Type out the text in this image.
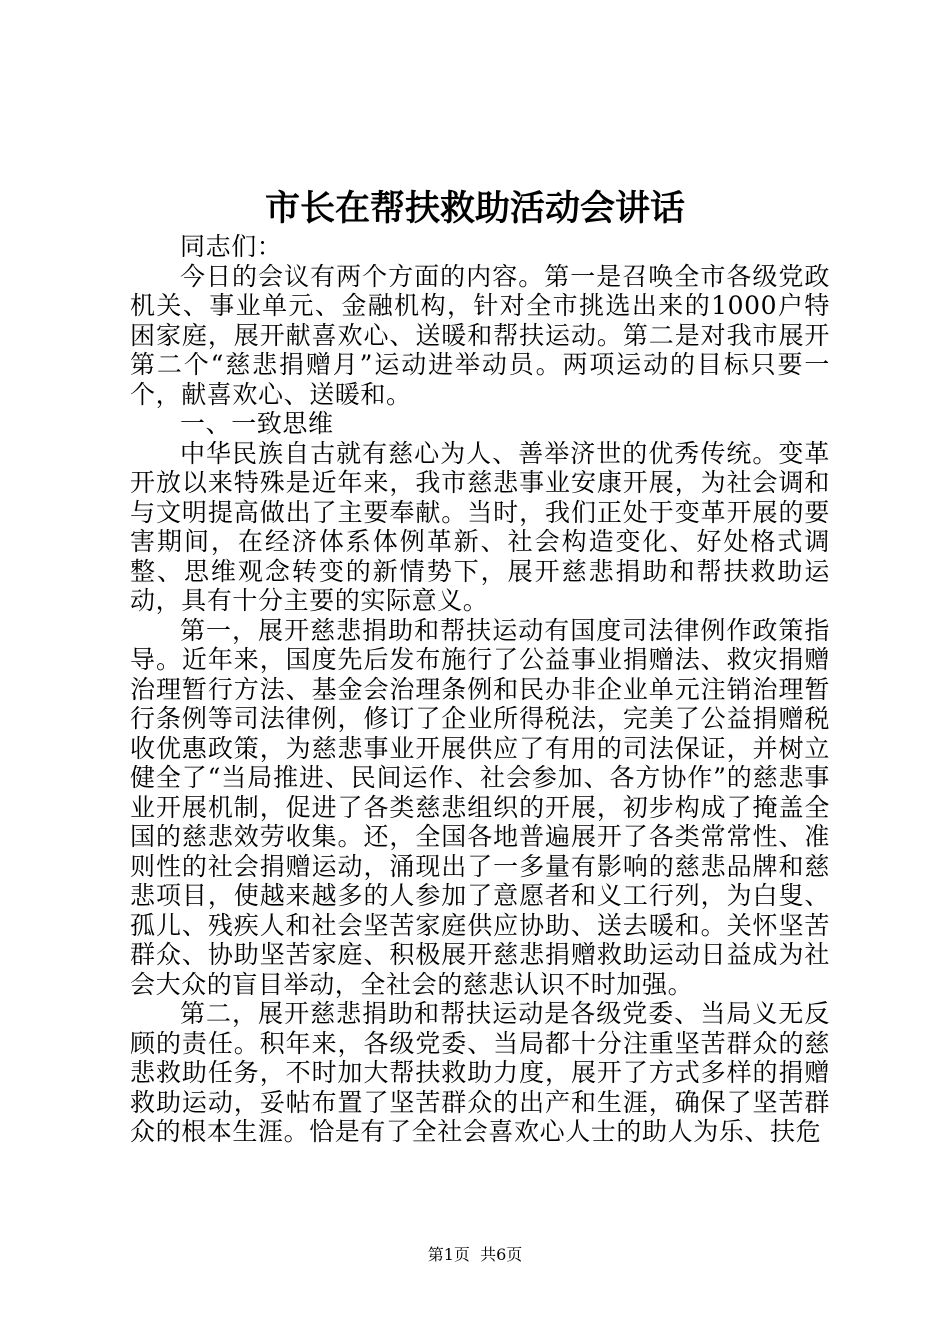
市长在帮扶救助活动会讲话

同志们：

今日的会议有两个方面的内容。第一是召唤全市各级党政机关、事业单元、金融机构，针对全市挑选出来的1000户特困家庭，展开献喜欢心、送暖和帮扶运动。第二是对我市展开第二个“慈悲捐赠月”运动进举动员。两项运动的目标只要一个，献喜欢心、送暖和。

一、一致思维

中华民族自古就有慈心为人、善举济世的优秀传统。变革开放以来特殊是近年来，我市慈悲事业安康开展，为社会调和与文明提高做出了主要奉献。当时，我们正处于变革开展的要害期间，在经济体系体例革新、社会构造变化、好处格式调整、思维观念转变的新情势下，展开慈悲捐助和帮扶救助运动，具有十分主要的实际意义。

第一，展开慈悲捐助和帮扶运动有国度司法律例作政策指导。近年来，国度先后发布施行了公益事业捐赠法、救灾捐赠治理暂行方法、基金会治理条例和民办非企业单元注销治理暂行条例等司法律例，修订了企业所得税法，完美了公益捐赠税收优惠政策，为慈悲事业开展供应了有用的司法保证，并树立健全了“当局推进、民间运作、社会参加、各方协作”的慈悲事业开展机制，促进了各类慈悲组织的开展，初步构成了掩盖全国的慈悲效劳收集。还，全国各地普遍展开了各类常常性、准则性的社会捐赠运动，涌现出了一多量有影响的慈悲品牌和慈悲项目，使越来越多的人参加了意愿者和义工行列，为白叟、孤儿、残疾人和社会坚苦家庭供应协助、送去暖和。关怀坚苦群众、协助坚苦家庭、积极展开慈悲捐赠救助运动日益成为社会大众的盲目举动，全社会的慈悲认识不时加强。

第二，展开慈悲捐助和帮扶运动是各级党委、当局义无反顾的责任。积年来，各级党委、当局都十分注重坚苦群众的慈悲救助任务，不时加大帮扶救助力度，展开了方式多样的捐赠救助运动，妥帖布置了坚苦群众的出产和生涯，确保了坚苦群众的根本生涯。恰是有了全社会喜欢心人士的助人为乐、扶危

第1页 共6页
